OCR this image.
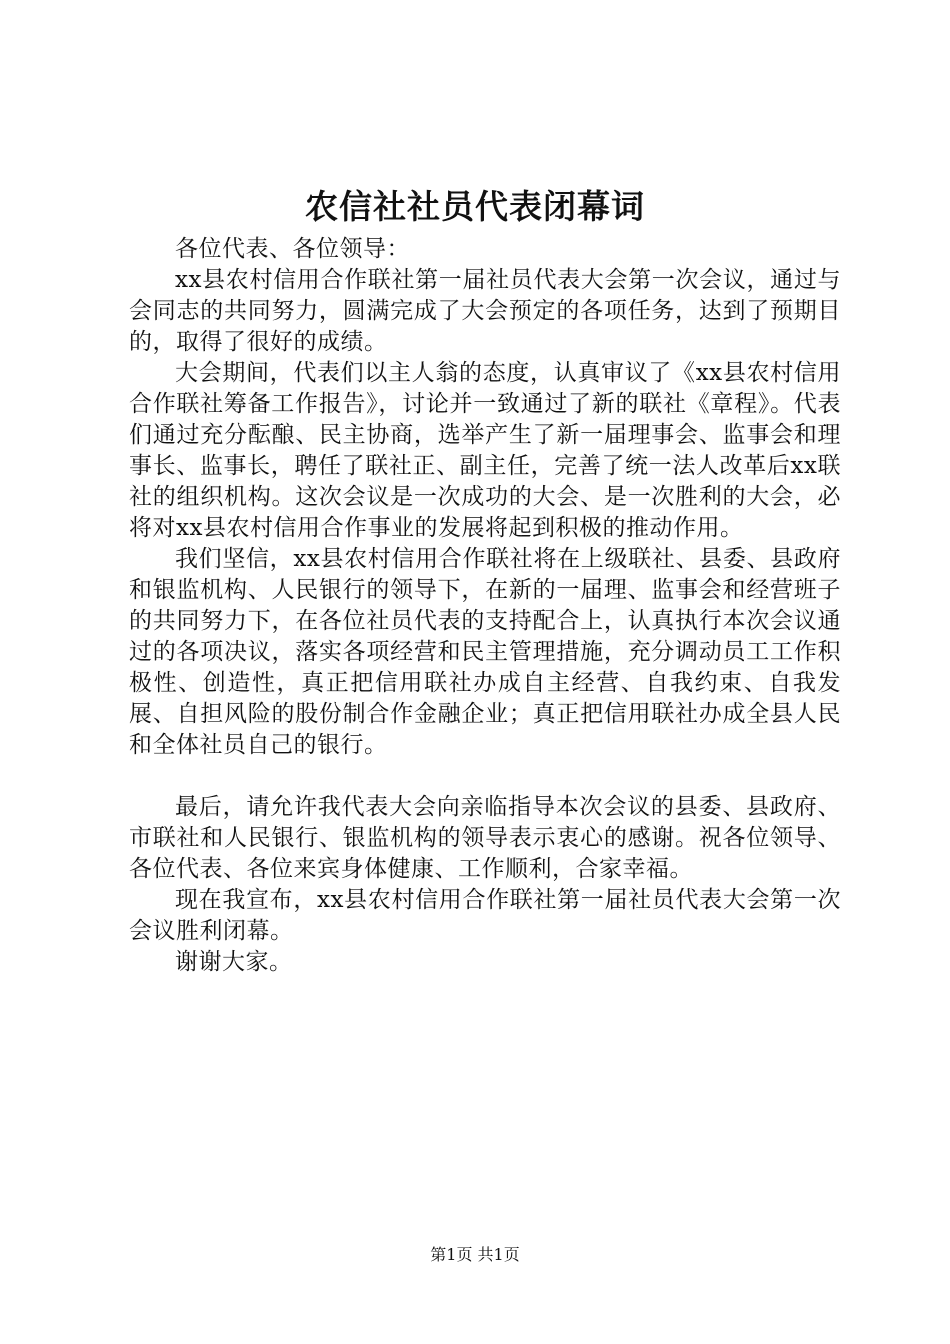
农信社社员代表闭幕词

各位代表、各位领导：

xx县农村信用合作联社第一届社员代表大会第一次会议，通过与会同志的共同努力，圆满完成了大会预定的各项任务，达到了预期目的，取得了很好的成绩。

大会期间，代表们以主人翁的态度，认真审议了《xx县农村信用合作联社筹备工作报告》，讨论并一致通过了新的联社《章程》。代表们通过充分酝酿、民主协商，选举产生了新一届理事会、监事会和理事长、监事长，聘任了联社正、副主任，完善了统一法人改革后xx联社的组织机构。这次会议是一次成功的大会、是一次胜利的大会，必将对xx县农村信用合作事业的发展将起到积极的推动作用。

我们坚信，xx县农村信用合作联社将在上级联社、县委、县政府和银监机构、人民银行的领导下，在新的一届理、监事会和经营班子的共同努力下，在各位社员代表的支持配合上，认真执行本次会议通过的各项决议，落实各项经营和民主管理措施，充分调动员工工作积极性、创造性，真正把信用联社办成自主经营、自我约束、自我发展、自担风险的股份制合作金融企业；真正把信用联社办成全县人民和全体社员自己的银行。

最后，请允许我代表大会向亲临指导本次会议的县委、县政府、市联社和人民银行、银监机构的领导表示衷心的感谢。祝各位领导、各位代表、各位来宾身体健康、工作顺利，合家幸福。

现在我宣布，xx县农村信用合作联社第一届社员代表大会第一次会议胜利闭幕。

谢谢大家。

第1页 共1页
